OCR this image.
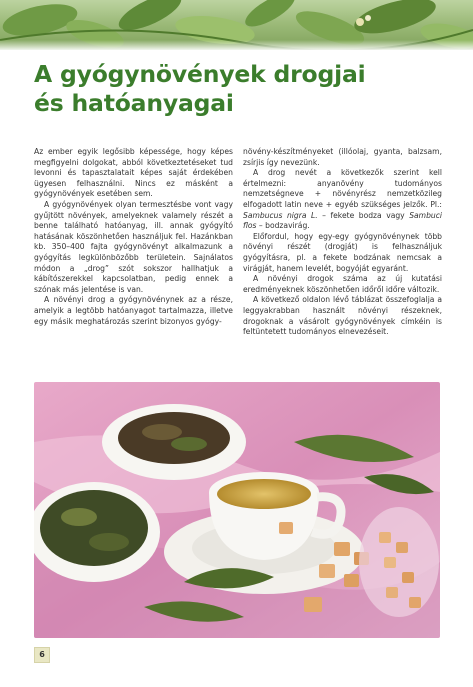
A gyógynövények drogjai
és hatóanyagai

Az ember egyik legősibb képessége, hogy képes megfigyelni dolgokat, abból következtetéseket tud levonni és tapasztalatait képes saját érdekében ügyesen felhasználni. Nincs ez másként a gyógynövények esetében sem.

A gyógynövények olyan termesztésbe vont vagy gyűjtött növények, amelyeknek valamely részét a benne található hatóanyag, ill. annak gyógyító hatásának köszönhetően használjuk fel. Hazánkban kb. 350–400 fajta gyógynövényt alkalmazunk a gyógyítás legkülönbözőbb területein. Sajnálatos módon a „drog” szót sokszor hallhatjuk a kábítószerekkel kapcsolatban, pedig ennek a szónak más jelentése is van.

A növényi drog a gyógynövénynek az a része, amelyik a legtöbb hatóanyagot tartalmazza, illetve egy másik meghatározás szerint bizonyos gyógy-

növény-készítményeket (illóolaj, gyanta, balzsam, zsírjis így nevezünk.

A drog nevét a következők szerint kell értelmezni: anyanövény tudományos nemzetségneve + növényrész nemzetközileg elfogadott latin neve + egyéb szükséges jelzők. Pl.: Sambucus nigra L. – fekete bodza vagy Sambuci flos – bodzavirág.

Előfordul, hogy egy-egy gyógynövénynek több növényi részét (drogját) is felhasználjuk gyógyításra, pl. a fekete bodzának nemcsak a virágját, hanem levelét, bogyóját egyaránt.

A növényi drogok száma az új kutatási eredményeknek köszönhetően időről időre változik.

A következő oldalon lévő táblázat összefoglalja a leggyakrabban használt növényi részeknek, drogoknak a vásárolt gyógynövények címkéin is feltüntetett tudományos elnevezéseit.

6
